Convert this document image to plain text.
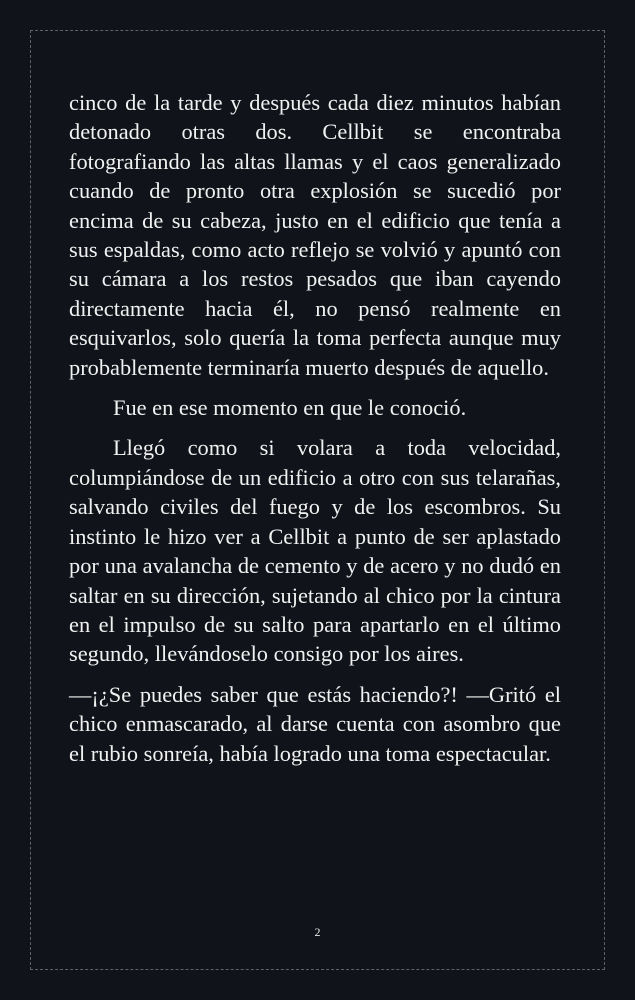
cinco de la tarde y después cada diez minutos habían detonado otras dos. Cellbit se encontraba fotografiando las altas llamas y el caos generalizado cuando de pronto otra explosión se sucedió por encima de su cabeza, justo en el edificio que tenía a sus espaldas, como acto reflejo se volvió y apuntó con su cámara a los restos pesados que iban cayendo directamente hacia él, no pensó realmente en esquivarlos, solo quería la toma perfecta aunque muy probablemente terminaría muerto después de aquello.

Fue en ese momento en que le conoció.

Llegó como si volara a toda velocidad, columpiándose de un edificio a otro con sus telarañas, salvando civiles del fuego y de los escombros. Su instinto le hizo ver a Cellbit a punto de ser aplastado por una avalancha de cemento y de acero y no dudó en saltar en su dirección, sujetando al chico por la cintura en el impulso de su salto para apartarlo en el último segundo, llevándoselo consigo por los aires.

—¡¿Se puedes saber que estás haciendo?! —Gritó el chico enmascarado, al darse cuenta con asombro que el rubio sonreía, había logrado una toma espectacular.

2
